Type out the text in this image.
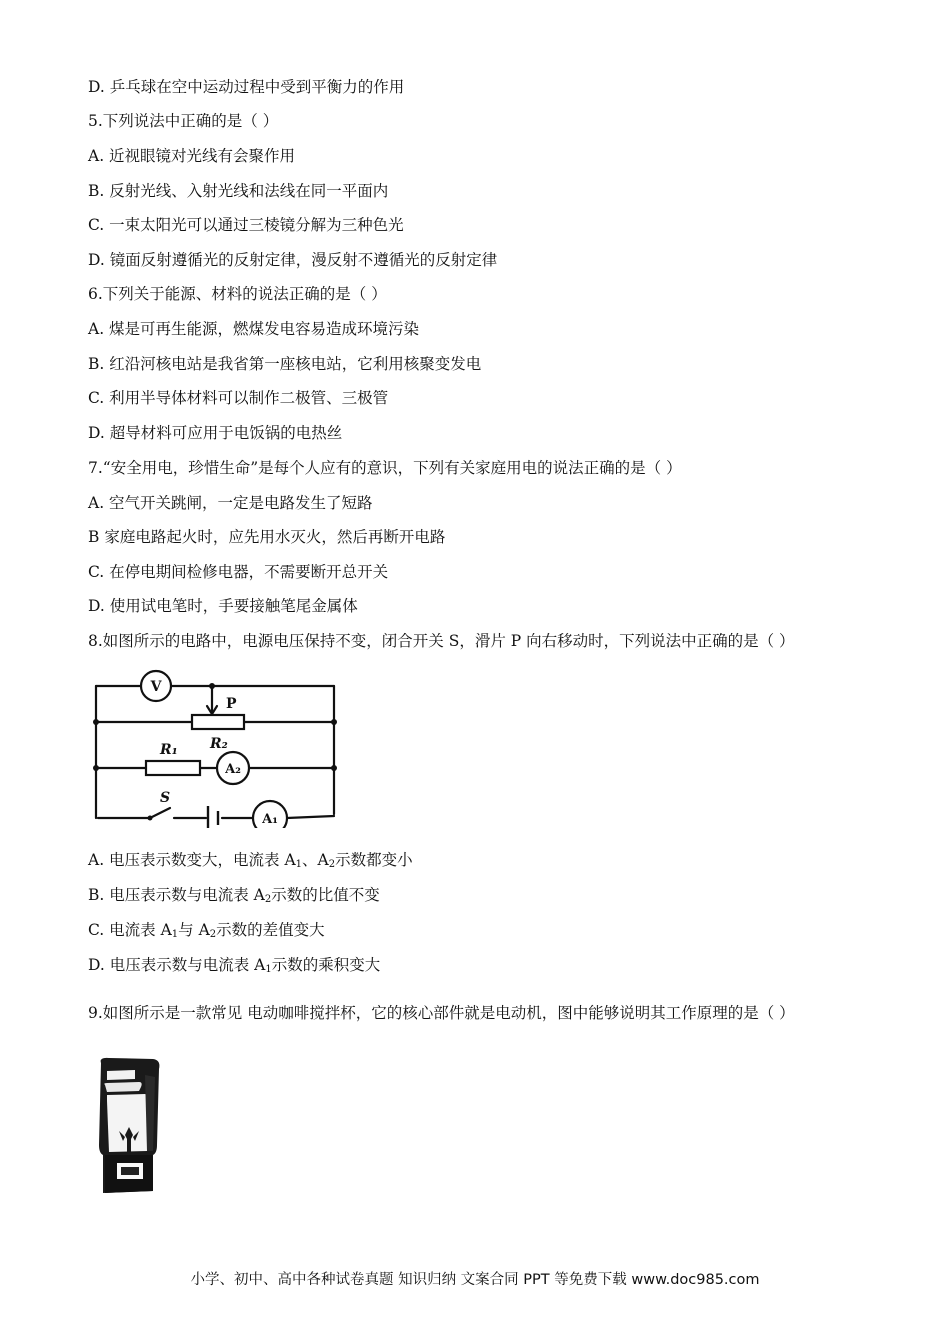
D. 乒乓球在空中运动过程中受到平衡力的作用
5.下列说法中正确的是（ ）
A. 近视眼镜对光线有会聚作用
B. 反射光线、入射光线和法线在同一平面内
C. 一束太阳光可以通过三棱镜分解为三种色光
D. 镜面反射遵循光的反射定律，漫反射不遵循光的反射定律
6.下列关于能源、材料的说法正确的是（ ）
A. 煤是可再生能源，燃煤发电容易造成环境污染
B. 红沿河核电站是我省第一座核电站，它利用核聚变发电
C. 利用半导体材料可以制作二极管、三极管
D. 超导材料可应用于电饭锅的电热丝
7.“安全用电，珍惜生命”是每个人应有的意识，下列有关家庭用电的说法正确的是（ ）
A. 空气开关跳闸，一定是电路发生了短路
B 家庭电路起火时，应先用水灭火，然后再断开电路
C. 在停电期间检修电器，不需要断开总开关
D. 使用试电笔时，手要接触笔尾金属体
8.如图所示的电路中，电源电压保持不变，闭合开关 S，滑片 P 向右移动时，下列说法中正确的是（ ）
V
P
R₂
R₁
A₂
S
A₁
A. 电压表示数变大，电流表 $A_1$、$A_2$示数都变小
B. 电压表示数与电流表 $A_2$示数的比值不变
C. 电流表 $A_1$与 $A_2$示数的差值变大
D. 电压表示数与电流表 $A_1$示数的乘积变大
9.如图所示是一款常见 电动咖啡搅拌杯，它的核心部件就是电动机，图中能够说明其工作原理的是（ ）
小学、初中、高中各种试卷真题 知识归纳 文案合同 PPT 等免费下载 www.doc985.com
